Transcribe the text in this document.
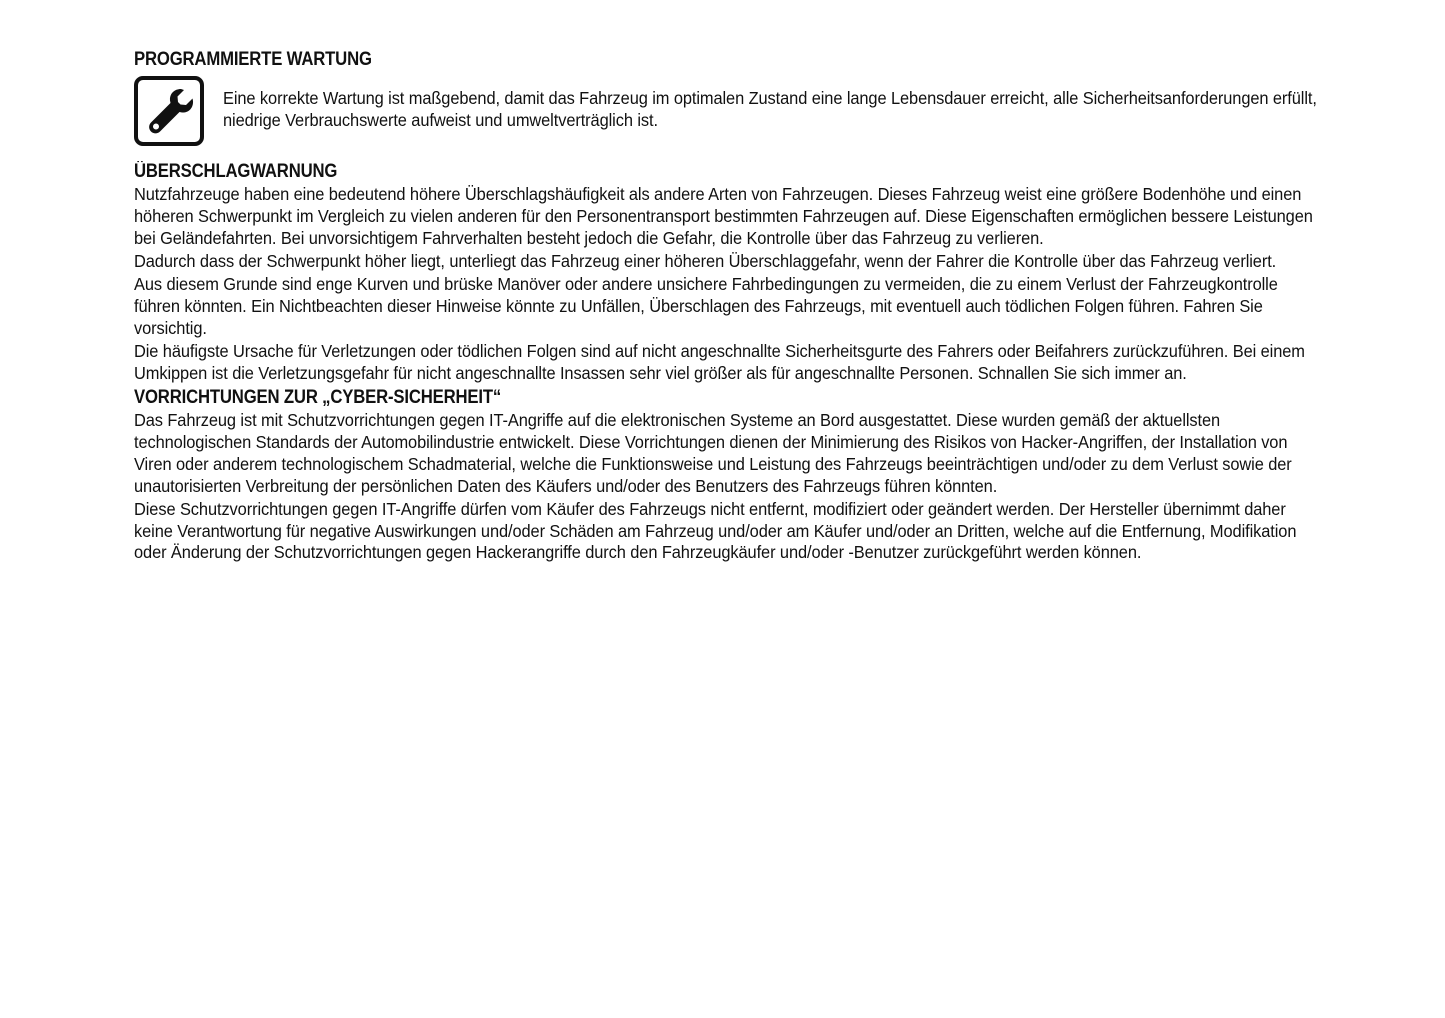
PROGRAMMIERTE WARTUNG

Eine korrekte Wartung ist maßgebend, damit das Fahrzeug im optimalen Zustand eine lange Lebensdauer erreicht, alle Sicherheitsanforderungen erfüllt, niedrige Verbrauchswerte aufweist und umweltverträglich ist.

ÜBERSCHLAGWARNUNG

Nutzfahrzeuge haben eine bedeutend höhere Überschlagshäufigkeit als andere Arten von Fahrzeugen. Dieses Fahrzeug weist eine größere Bodenhöhe und einen höheren Schwerpunkt im Vergleich zu vielen anderen für den Personentransport bestimmten Fahrzeugen auf. Diese Eigenschaften ermöglichen bessere Leistungen bei Geländefahrten. Bei unvorsichtigem Fahrverhalten besteht jedoch die Gefahr, die Kontrolle über das Fahrzeug zu verlieren.

Dadurch dass der Schwerpunkt höher liegt, unterliegt das Fahrzeug einer höheren Überschlaggefahr, wenn der Fahrer die Kontrolle über das Fahrzeug verliert.

Aus diesem Grunde sind enge Kurven und brüske Manöver oder andere unsichere Fahrbedingungen zu vermeiden, die zu einem Verlust der Fahrzeugkontrolle führen könnten. Ein Nichtbeachten dieser Hinweise könnte zu Unfällen, Überschlagen des Fahrzeugs, mit eventuell auch tödlichen Folgen führen. Fahren Sie vorsichtig.

Die häufigste Ursache für Verletzungen oder tödlichen Folgen sind auf nicht angeschnallte Sicherheitsgurte des Fahrers oder Beifahrers zurückzuführen. Bei einem Umkippen ist die Verletzungsgefahr für nicht angeschnallte Insassen sehr viel größer als für angeschnallte Personen. Schnallen Sie sich immer an.

VORRICHTUNGEN ZUR „CYBER-SICHERHEIT“

Das Fahrzeug ist mit Schutzvorrichtungen gegen IT-Angriffe auf die elektronischen Systeme an Bord ausgestattet. Diese wurden gemäß der aktuellsten technologischen Standards der Automobilindustrie entwickelt. Diese Vorrichtungen dienen der Minimierung des Risikos von Hacker-Angriffen, der Installation von Viren oder anderem technologischem Schadmaterial, welche die Funktionsweise und Leistung des Fahrzeugs beeinträchtigen und/oder zu dem Verlust sowie der unautorisierten Verbreitung der persönlichen Daten des Käufers und/oder des Benutzers des Fahrzeugs führen könnten.

Diese Schutzvorrichtungen gegen IT-Angriffe dürfen vom Käufer des Fahrzeugs nicht entfernt, modifiziert oder geändert werden. Der Hersteller übernimmt daher keine Verantwortung für negative Auswirkungen und/oder Schäden am Fahrzeug und/oder am Käufer und/oder an Dritten, welche auf die Entfernung, Modifikation oder Änderung der Schutzvorrichtungen gegen Hackerangriffe durch den Fahrzeugkäufer und/oder -Benutzer zurückgeführt werden können.
